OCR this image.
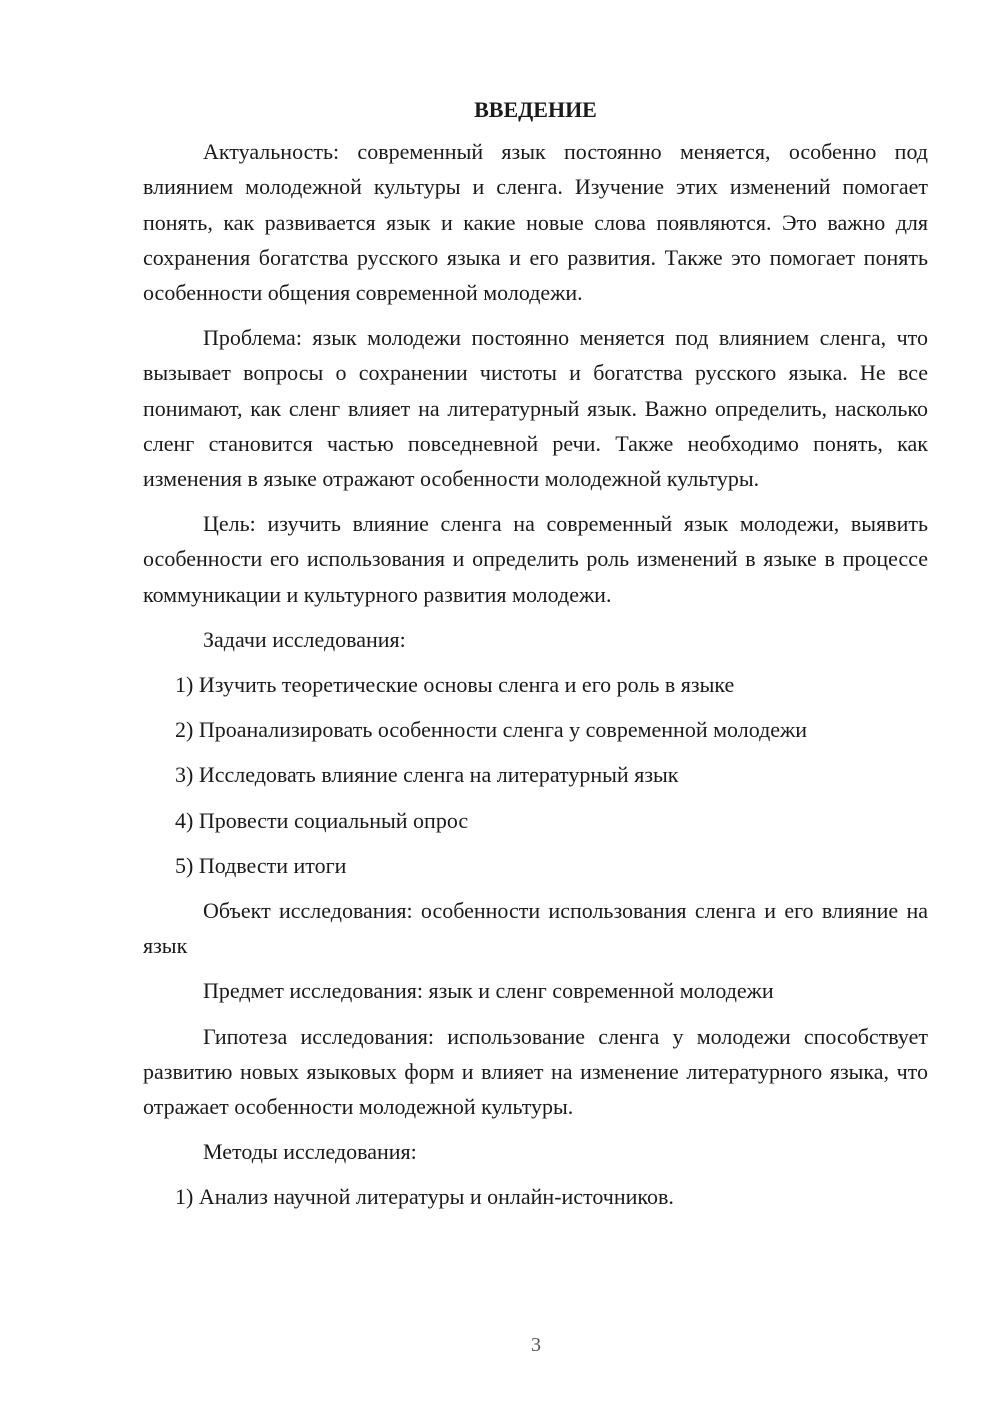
ВВЕДЕНИЕ

Актуальность: современный язык постоянно меняется, особенно под влиянием молодежной культуры и сленга. Изучение этих изменений помогает понять, как развивается язык и какие новые слова появляются. Это важно для сохранения богатства русского языка и его развития. Также это помогает понять особенности общения современной молодежи.

Проблема: язык молодежи постоянно меняется под влиянием сленга, что вызывает вопросы о сохранении чистоты и богатства русского языка. Не все понимают, как сленг влияет на литературный язык. Важно определить, насколько сленг становится частью повседневной речи. Также необходимо понять, как изменения в языке отражают особенности молодежной культуры.

Цель: изучить влияние сленга на современный язык молодежи, выявить особенности его использования и определить роль изменений в языке в процессе коммуникации и культурного развития молодежи.

Задачи исследования:

1) Изучить теоретические основы сленга и его роль в языке

2) Проанализировать особенности сленга у современной молодежи

3) Исследовать влияние сленга на литературный язык

4) Провести социальный опрос

5) Подвести итоги

Объект исследования: особенности использования сленга и его влияние на язык

Предмет исследования: язык и сленг современной молодежи

Гипотеза исследования: использование сленга у молодежи способствует развитию новых языковых форм и влияет на изменение литературного языка, что отражает особенности молодежной культуры.

Методы исследования:

1) Анализ научной литературы и онлайн-источников.

3
